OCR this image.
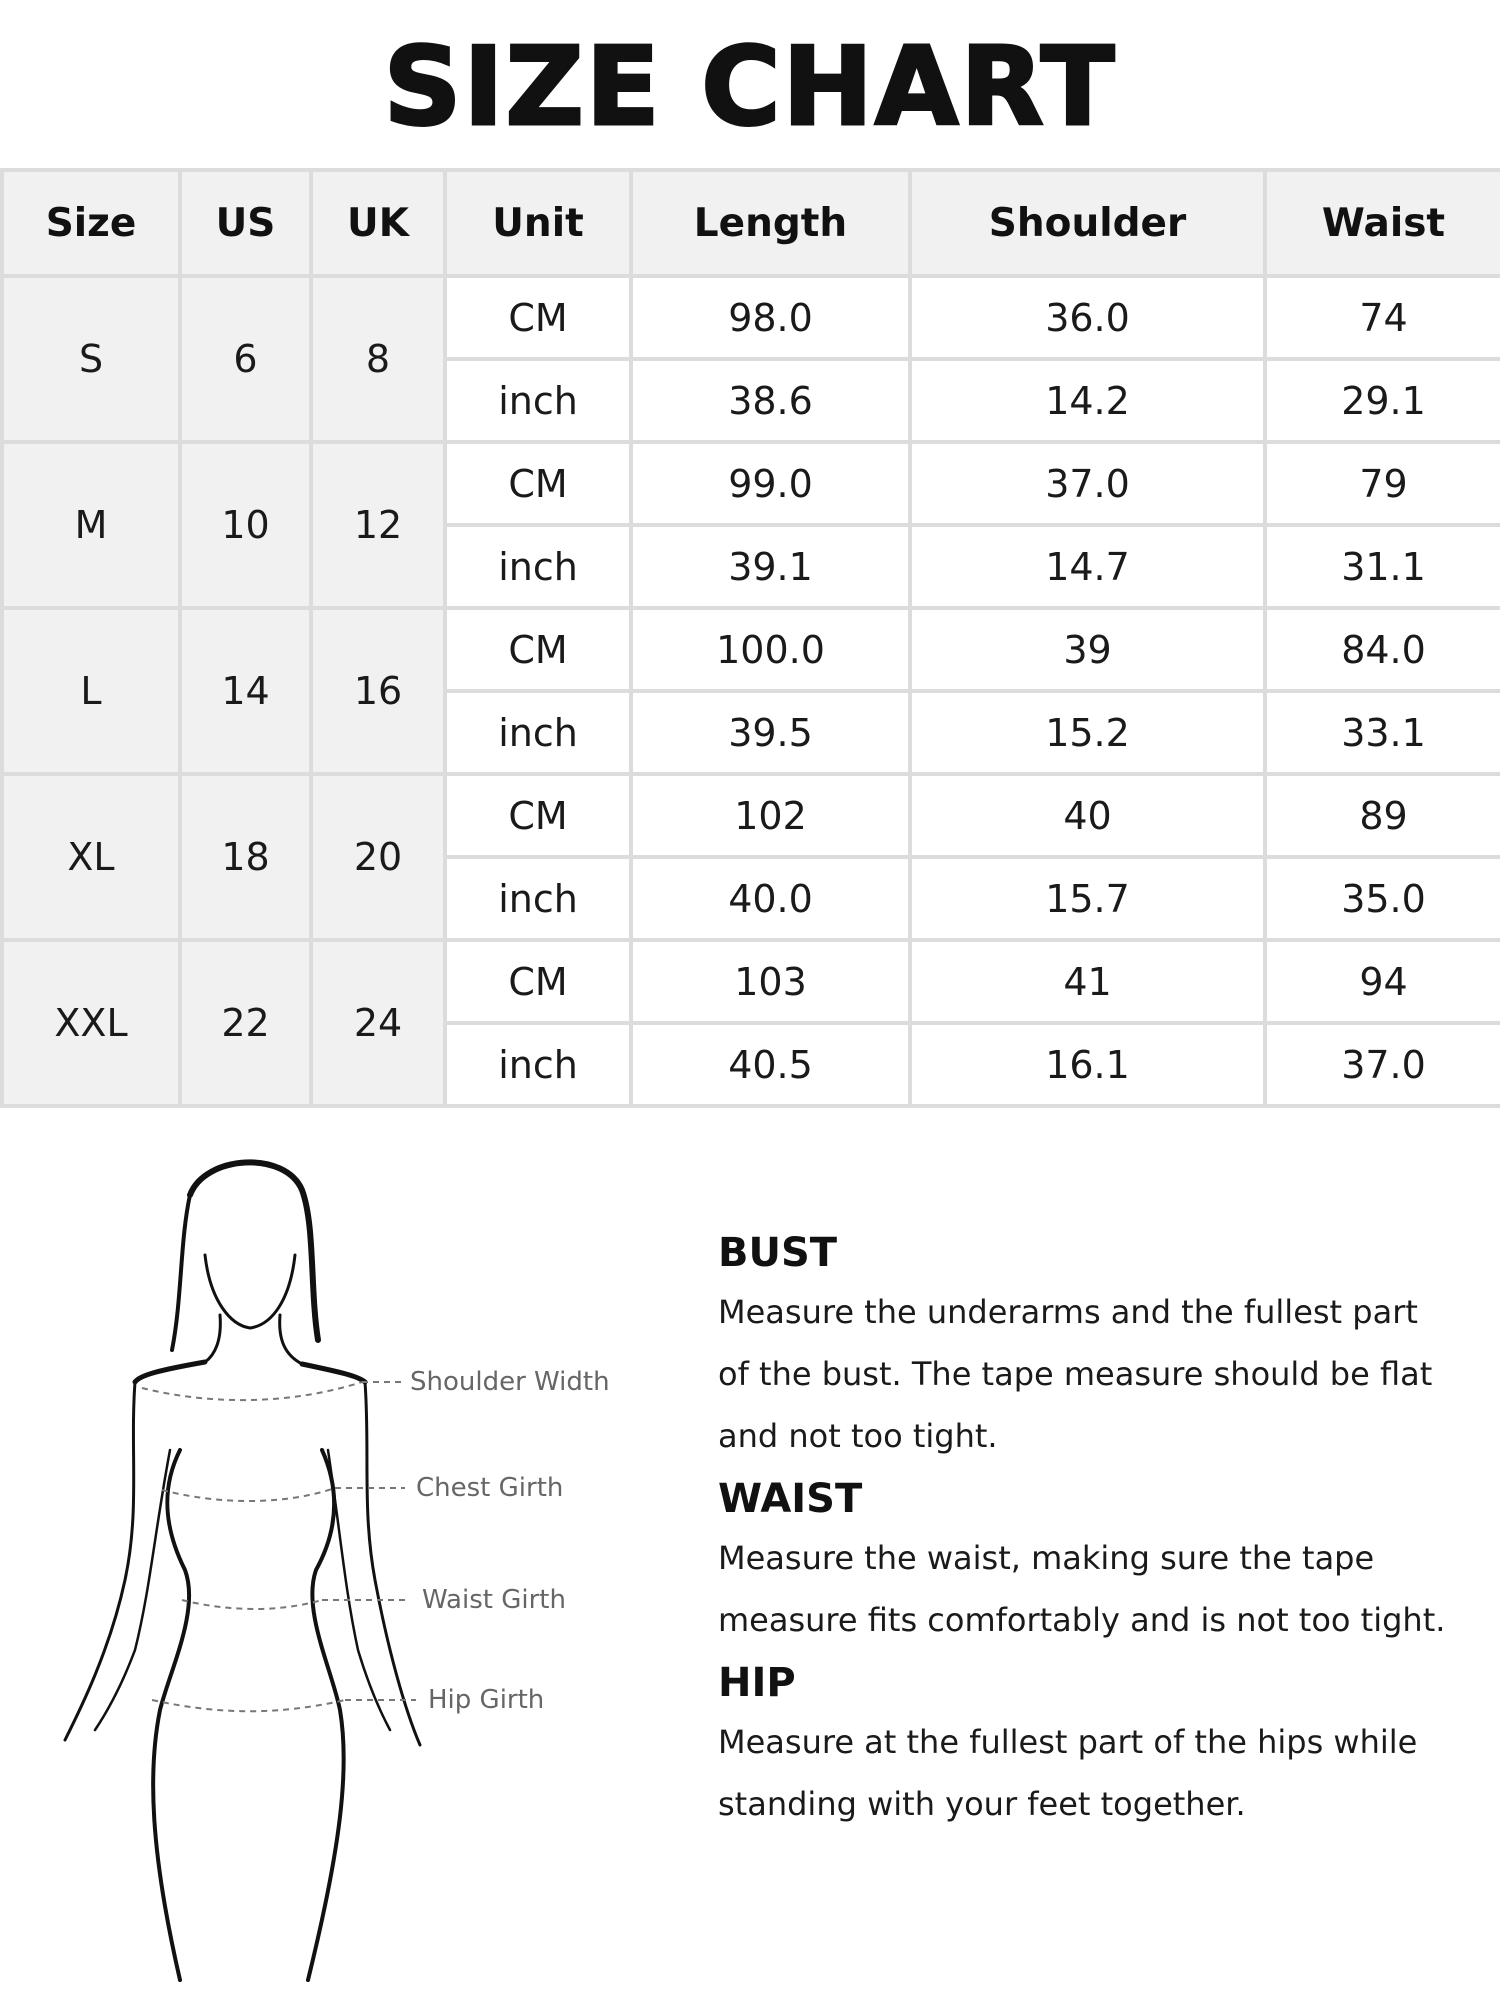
SIZE CHART
Size	US	UK	Unit	Length	Shoulder	Waist
S	6	8	CM	98.0	36.0	74
			inch	38.6	14.2	29.1
M	10	12	CM	99.0	37.0	79
			inch	39.1	14.7	31.1
L	14	16	CM	100.0	39	84.0
			inch	39.5	15.2	33.1
XL	18	20	CM	102	40	89
			inch	40.0	15.7	35.0
XXL	22	24	CM	103	41	94
			inch	40.5	16.1	37.0
Shoulder Width
Chest Girth
Waist Girth
Hip Girth
BUST

Measure the underarms and the fullest part of the bust. The tape measure should be flat and not too tight.

WAIST

Measure the waist, making sure the tape measure fits comfortably and is not too tight.

HIP

Measure at the fullest part of the hips while standing with your feet together.
